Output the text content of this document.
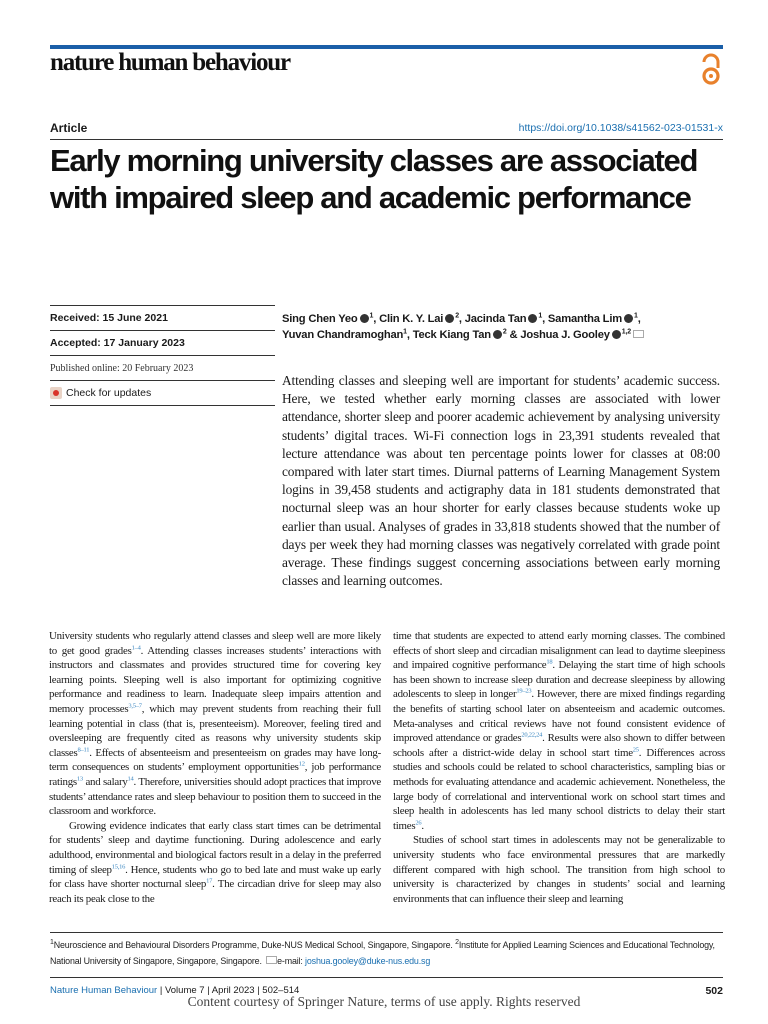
nature human behaviour
Article	https://doi.org/10.1038/s41562-023-01531-x
Early morning university classes are associated with impaired sleep and academic performance
Received: 15 June 2021
Accepted: 17 January 2023
Published online: 20 February 2023
Check for updates
Sing Chen Yeo $^1$, Clin K. Y. Lai $^2$, Jacinda Tan $^1$, Samantha Lim $^1$,
Yuvan Chandramoghan$^1$, Teck Kiang Tan $^2$ & Joshua J. Gooley $^{1,2}$

Attending classes and sleeping well are important for students’ academic success. Here, we tested whether early morning classes are associated with lower attendance, shorter sleep and poorer academic achievement by analysing university students’ digital traces. Wi-Fi connection logs in 23,391 students revealed that lecture attendance was about ten percentage points lower for classes at 08:00 compared with later start times. Diurnal patterns of Learning Management System logins in 39,458 students and actigraphy data in 181 students demonstrated that nocturnal sleep was an hour shorter for early classes because students woke up earlier than usual. Analyses of grades in 33,818 students showed that the number of days per week they had morning classes was negatively correlated with grade point average. These findings suggest concerning associations between early morning classes and learning outcomes.

University students who regularly attend classes and sleep well are more likely to get good grades$^{1-4}$. Attending classes increases students’ interactions with instructors and classmates and provides structured time for covering key learning points. Sleeping well is also important for optimizing cognitive performance and readiness to learn. Inadequate sleep impairs attention and memory processes$^{3,5-7}$, which may prevent students from reaching their full learning potential in class (that is, presenteeism). Moreover, feeling tired and oversleeping are frequently cited as reasons why university students skip classes$^{8-11}$. Effects of absenteeism and presenteeism on grades may have long-term consequences on students’ employment opportunities$^{12}$, job performance ratings$^{13}$ and salary$^{14}$. Therefore, universities should adopt practices that improve students’ attendance rates and sleep behaviour to position them to succeed in the classroom and workforce.

Growing evidence indicates that early class start times can be detrimental for students’ sleep and daytime functioning. During adolescence and early adulthood, environmental and biological factors result in a delay in the preferred timing of sleep$^{15,16}$. Hence, students who go to bed late and must wake up early for class have shorter nocturnal sleep$^{17}$. The circadian drive for sleep may also reach its peak close to the

time that students are expected to attend early morning classes. The combined effects of short sleep and circadian misalignment can lead to daytime sleepiness and impaired cognitive performance$^{18}$. Delaying the start time of high schools has been shown to increase sleep duration and decrease sleepiness by allowing adolescents to sleep in longer$^{19-23}$. However, there are mixed findings regarding the benefits of starting school later on absenteeism and academic outcomes. Meta-analyses and critical reviews have not found consistent evidence of improved attendance or grades$^{20,22,24}$. Results were also shown to differ between schools after a district-wide delay in school start time$^{25}$. Differences across studies and schools could be related to school characteristics, sampling bias or methods for evaluating attendance and academic achievement. Nonetheless, the large body of correlational and interventional work on school start times and sleep health in adolescents has led many school districts to delay their start times$^{26}$.

Studies of school start times in adolescents may not be generalizable to university students who face environmental pressures that are markedly different compared with high school. The transition from high school to university is characterized by changes in students’ social and learning environments that can influence their sleep and learning

$^1$Neuroscience and Behavioural Disorders Programme, Duke-NUS Medical School, Singapore, Singapore. $^2$Institute for Applied Learning Sciences and Educational Technology, National University of Singapore, Singapore, Singapore. e-mail: joshua.gooley@duke-nus.edu.sg
Nature Human Behaviour | Volume 7 | April 2023 | 502–514	502
Content courtesy of Springer Nature, terms of use apply. Rights reserved
